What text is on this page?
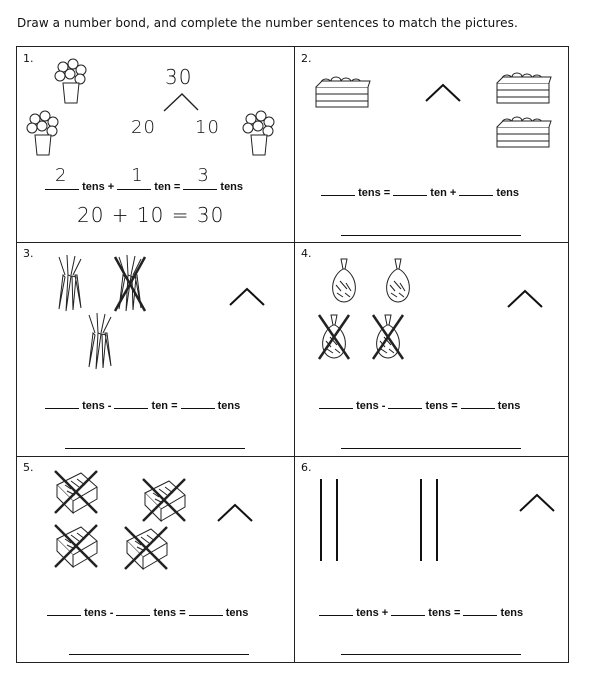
Draw a number bond, and complete the number sentences to match the pictures.
1.
30
20 10
2
tens +
1
ten =
3
tens
20 + 10 = 30
2.
tens =	ten +	tens
3.
tens -	ten =	tens
4.
tens -	tens =	tens
5.
tens -	tens =	tens
6.
tens +	tens =	tens
